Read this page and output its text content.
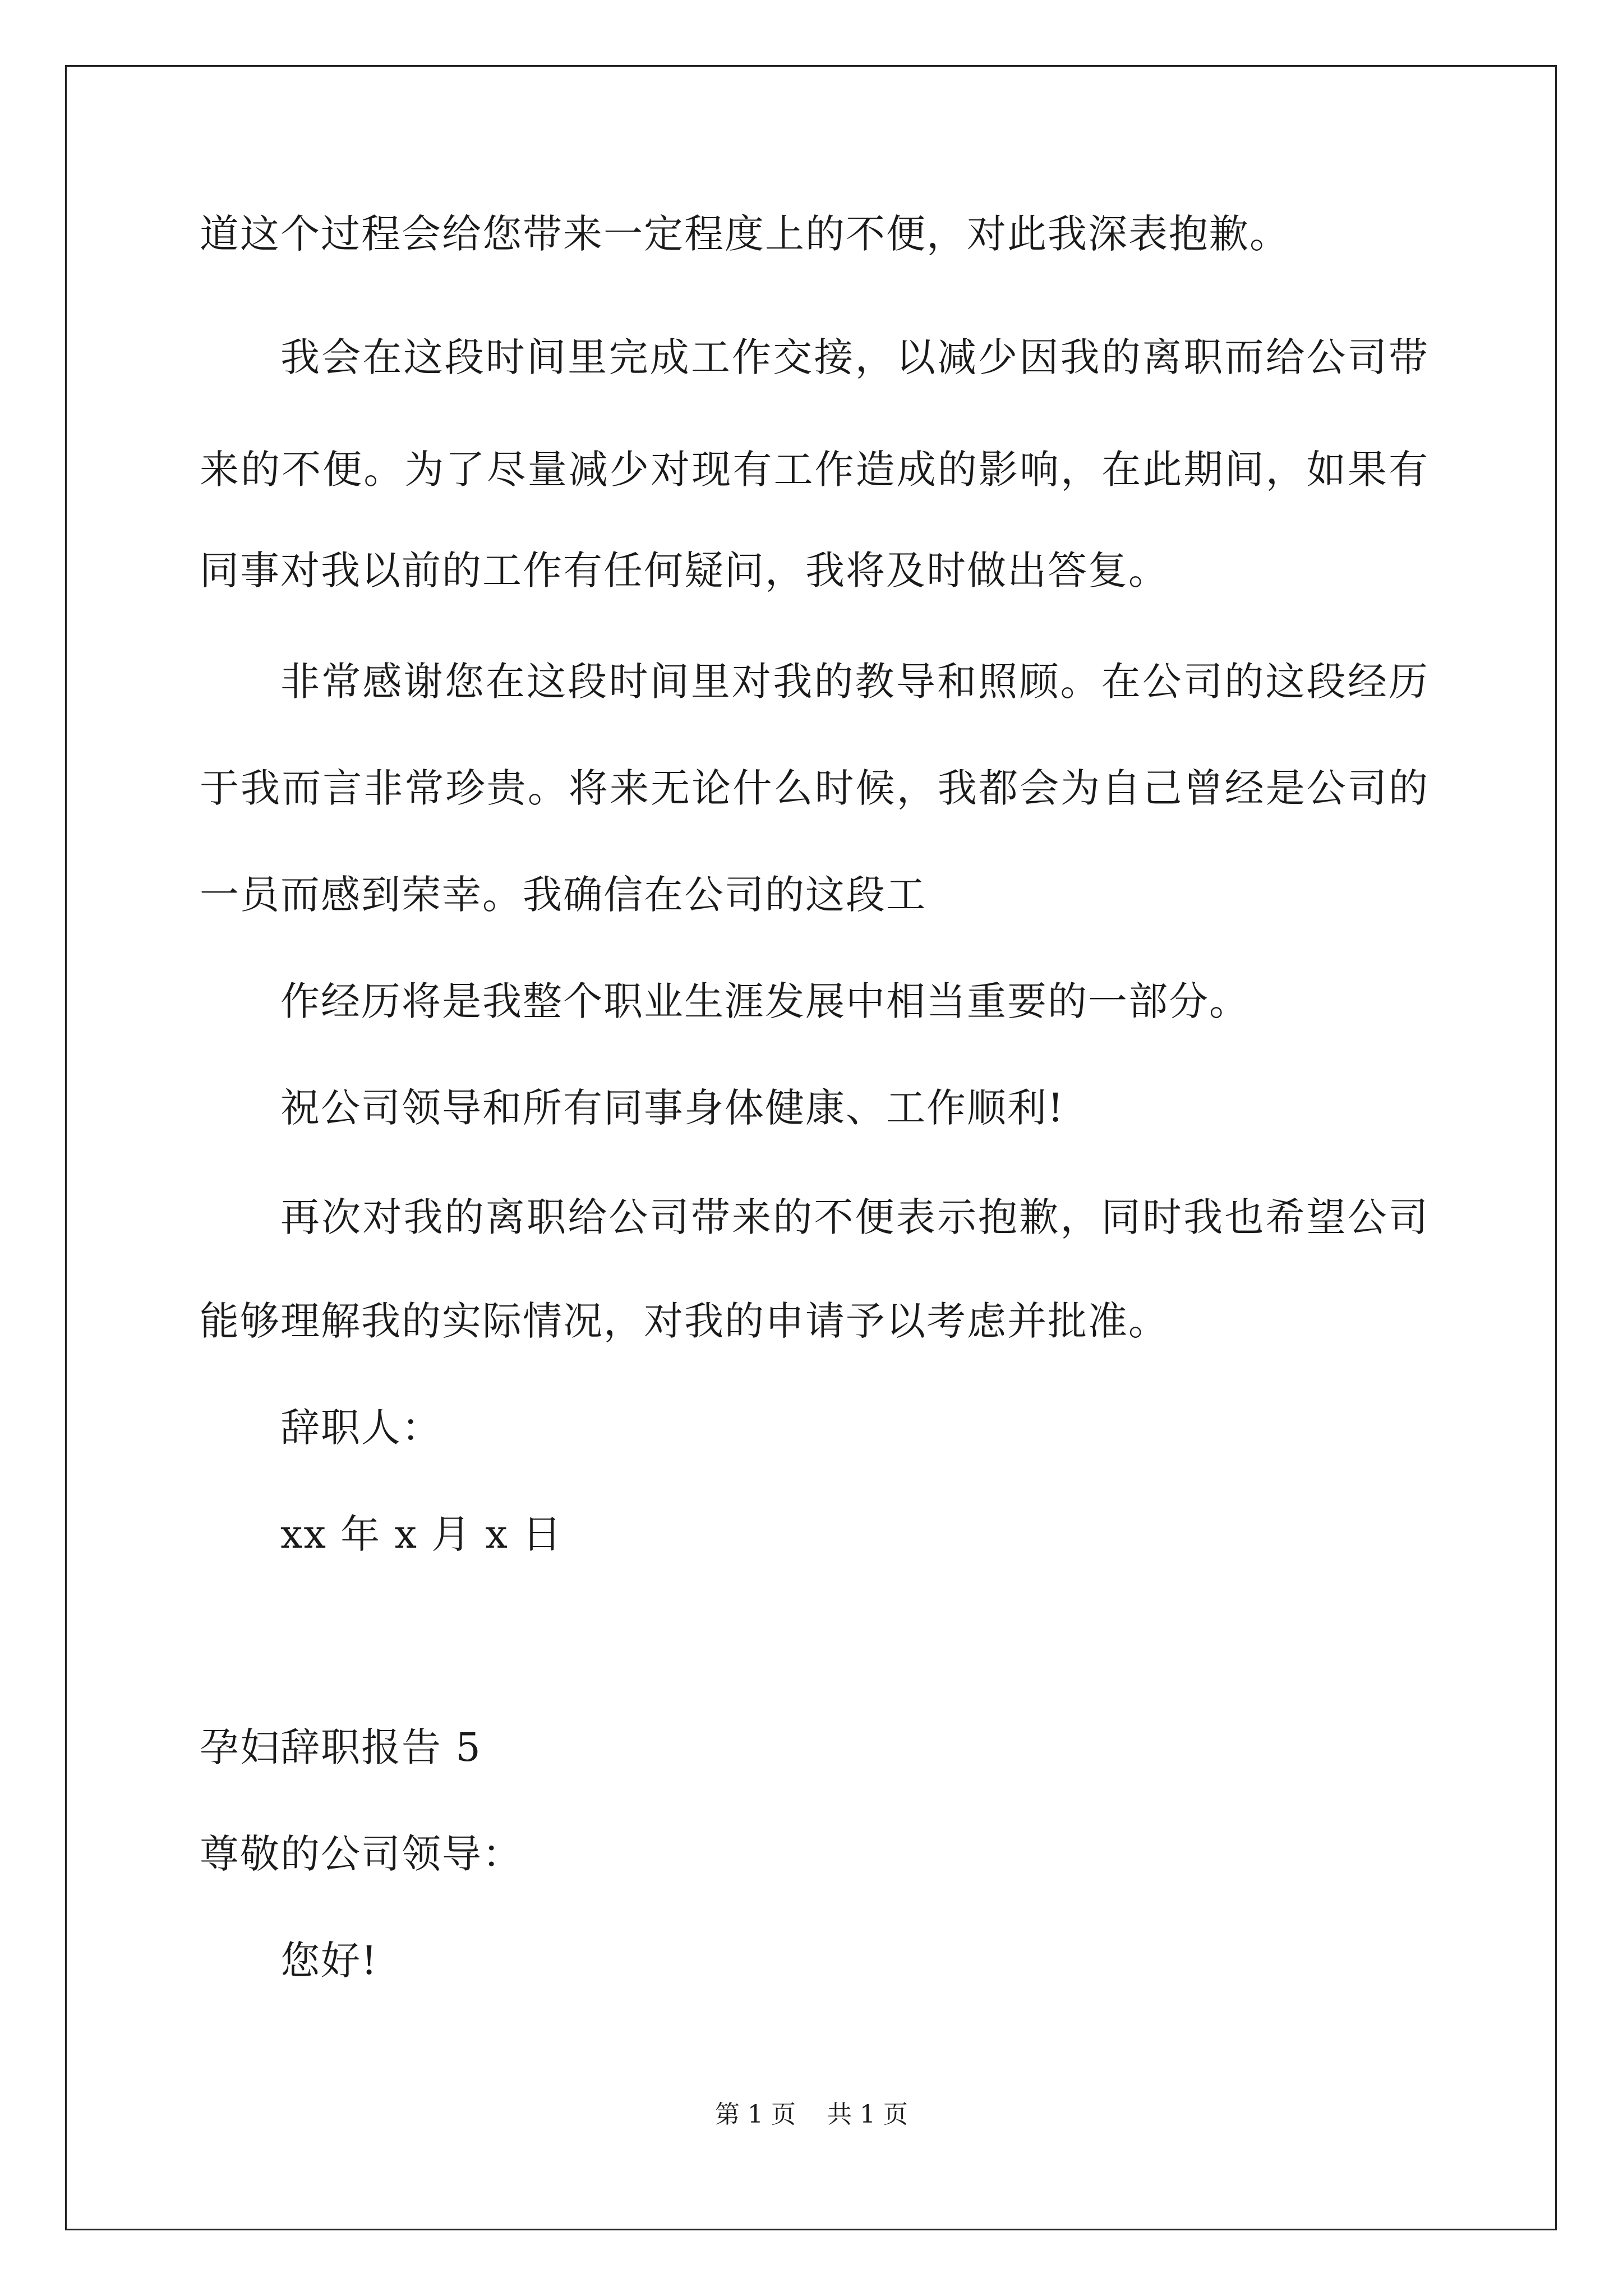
道这个过程会给您带来一定程度上的不便，对此我深表抱歉。
我会在这段时间里完成工作交接，以减少因我的离职而给公司带
来的不便。为了尽量减少对现有工作造成的影响，在此期间，如果有
同事对我以前的工作有任何疑问，我将及时做出答复。
非常感谢您在这段时间里对我的教导和照顾。在公司的这段经历
于我而言非常珍贵。将来无论什么时候，我都会为自己曾经是公司的
一员而感到荣幸。我确信在公司的这段工
作经历将是我整个职业生涯发展中相当重要的一部分。
祝公司领导和所有同事身体健康、工作顺利!
再次对我的离职给公司带来的不便表示抱歉，同时我也希望公司
能够理解我的实际情况，对我的申请予以考虑并批准。
辞职人：
xx 年 x 月 x 日
孕妇辞职报告 5
尊敬的公司领导：
您好!
第 1 页    共 1 页
